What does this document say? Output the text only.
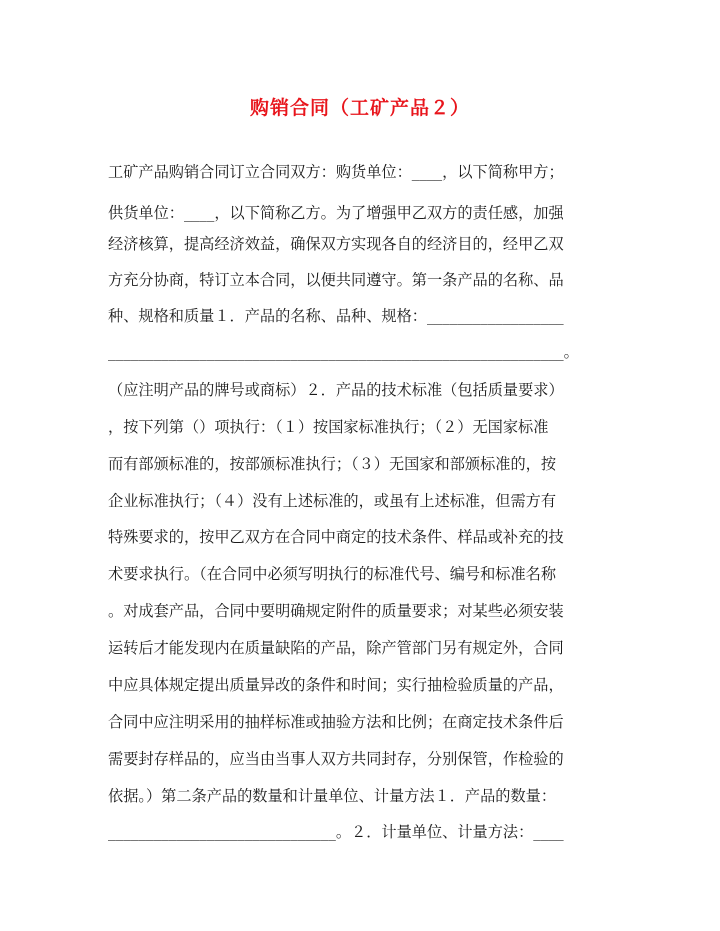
购销合同（工矿产品２）
工矿产品购销合同订立合同双方：购货单位：____，以下简称甲方；
供货单位：____，以下简称乙方。为了增强甲乙双方的责任感，加强
经济核算，提高经济效益，确保双方实现各自的经济目的，经甲乙双
方充分协商，特订立本合同，以便共同遵守。第一条产品的名称、品
种、规格和质量１．产品的名称、品种、规格：__________________
____________________________________________________________。
（应注明产品的牌号或商标）２．产品的技术标准（包括质量要求）
，按下列第（）项执行：（１）按国家标准执行；（２）无国家标准
而有部颁标准的，按部颁标准执行；（３）无国家和部颁标准的，按
企业标准执行；（４）没有上述标准的，或虽有上述标准，但需方有
特殊要求的，按甲乙双方在合同中商定的技术条件、样品或补充的技
术要求执行。（在合同中必须写明执行的标准代号、编号和标准名称
。对成套产品，合同中要明确规定附件的质量要求；对某些必须安装
运转后才能发现内在质量缺陷的产品，除产管部门另有规定外，合同
中应具体规定提出质量异改的条件和时间；实行抽检验质量的产品，
合同中应注明采用的抽样标准或抽验方法和比例；在商定技术条件后
需要封存样品的，应当由当事人双方共同封存，分别保管，作检验的
依据。）第二条产品的数量和计量单位、计量方法１．产品的数量：
______________________________。２．计量单位、计量方法：____
